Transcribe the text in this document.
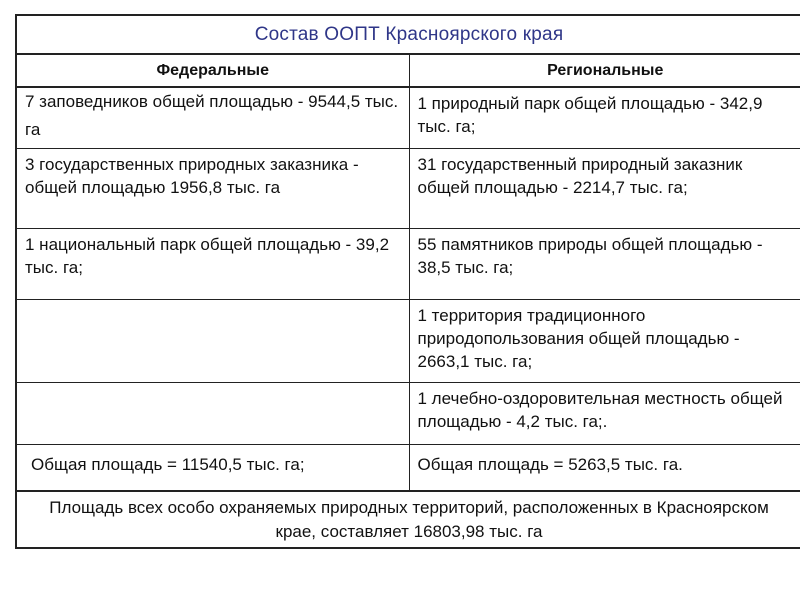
Состав ООПТ Красноярского края	
Федеральные	Региональные

7 заповедников общей площадью - 9544,5 тыс. га	1 природный парк общей площадью - 342,9 тыс. га;

3 государственных природных заказника - общей площадью 1956,8 тыс. га	31 государственный природный заказник общей площадью - 2214,7 тыс. га;

1 национальный парк общей площадью - 39,2 тыс. га;	55 памятников природы общей площадью - 38,5 тыс. га;

	1 территория традиционного природопользования общей площадью - 2663,1 тыс. га;

	1 лечебно-оздоровительная местность общей площадью - 4,2 тыс. га;.

Общая площадь = 11540,5 тыс. га;	Общая площадь = 5263,5 тыс. га.

Площадь всех особо охраняемых природных территорий, расположенных в Красноярском крае, составляет 16803,98 тыс. га	
